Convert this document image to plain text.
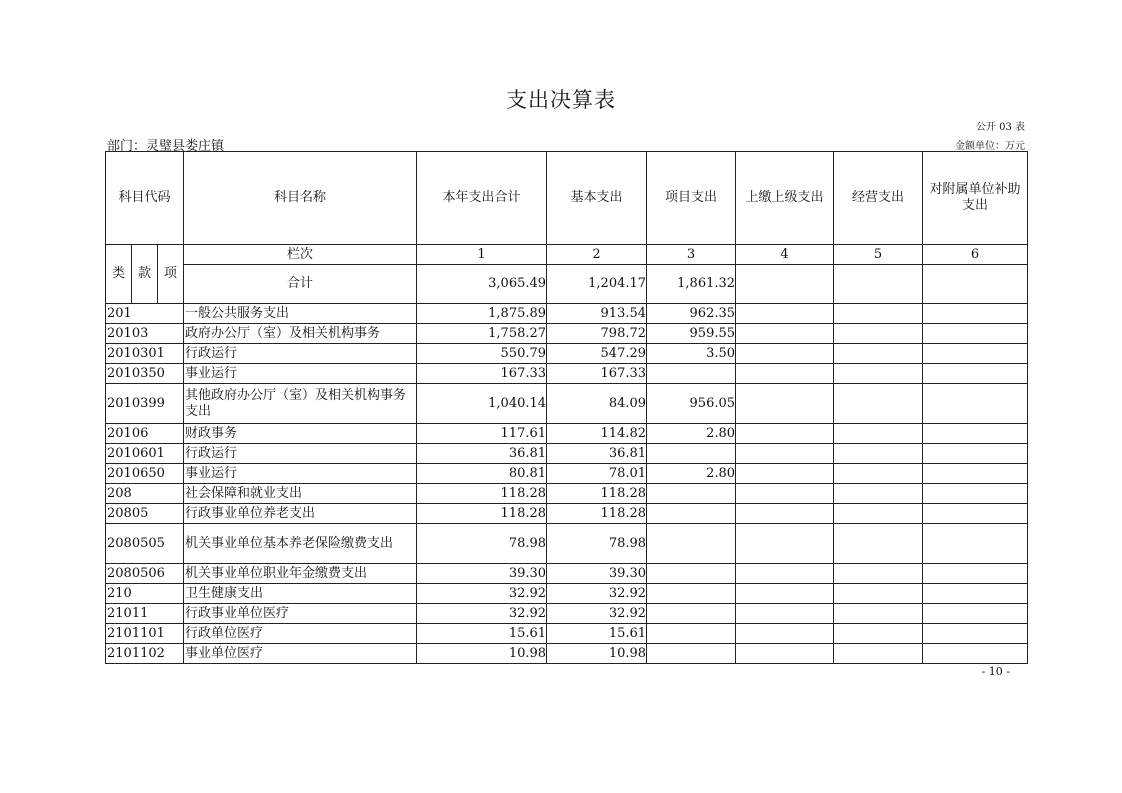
支出决算表
公开 03 表
部门：灵璧县娄庄镇	金额单位：万元
科目代码			科目名称	本年支出合计	基本支出	项目支出	上缴上级支出	经营支出	对附属单位补助支出
类	款	项	栏次	1	2	3	4	5	6
			合计	3,065.49	1,204.17	1,861.32			
201			一般公共服务支出	1,875.89	913.54	962.35			
20103			政府办公厅（室）及相关机构事务	1,758.27	798.72	959.55			
2010301			行政运行	550.79	547.29	3.50			
2010350			事业运行	167.33	167.33				
2010399			其他政府办公厅（室）及相关机构事务支出	1,040.14	84.09	956.05			
20106			财政事务	117.61	114.82	2.80			
2010601			行政运行	36.81	36.81				
2010650			事业运行	80.81	78.01	2.80			
208			社会保障和就业支出	118.28	118.28				
20805			行政事业单位养老支出	118.28	118.28				
2080505			机关事业单位基本养老保险缴费支出	78.98	78.98				
2080506			机关事业单位职业年金缴费支出	39.30	39.30				
210			卫生健康支出	32.92	32.92				
21011			行政事业单位医疗	32.92	32.92				
2101101			行政单位医疗	15.61	15.61				
2101102			事业单位医疗	10.98	10.98				
- 10 -
